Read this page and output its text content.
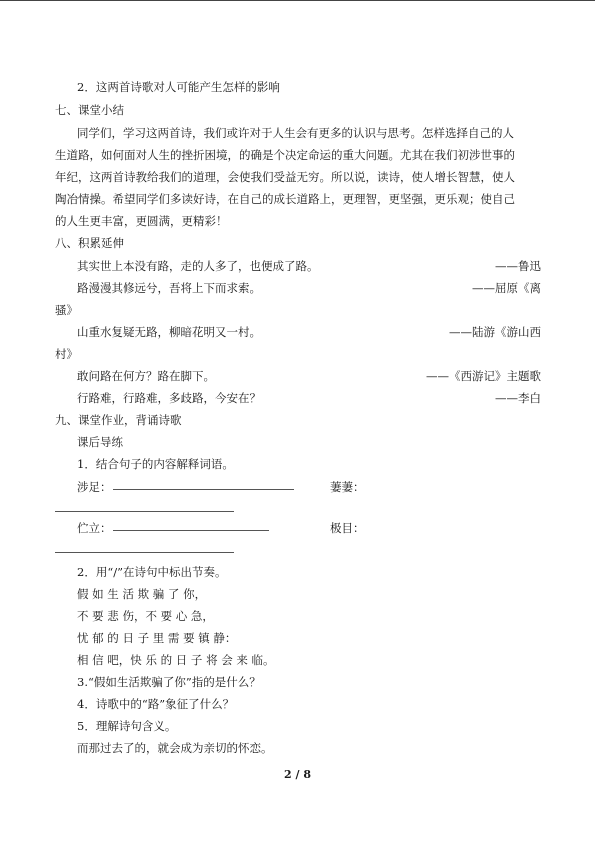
2．这两首诗歌对人可能产生怎样的影响
七、课堂小结
同学们，学习这两首诗，我们或许对于人生会有更多的认识与思考。怎样选择自己的人
生道路，如何面对人生的挫折困境，的确是个决定命运的重大问题。尤其在我们初涉世事的
年纪，这两首诗教给我们的道理，会使我们受益无穷。所以说，读诗，使人增长智慧，使人
陶冶情操。希望同学们多读好诗，在自己的成长道路上，更理智，更坚强，更乐观；使自己
的人生更丰富，更圆满，更精彩！
八、积累延伸
其实世上本没有路，走的人多了，也便成了路。	——鲁迅
路漫漫其修远兮，吾将上下而求索。	——屈原《离
骚》
山重水复疑无路，柳暗花明又一村。	——陆游《游山西
村》
敢问路在何方？路在脚下。	——《西游记》主题歌
行路难，行路难，多歧路，今安在？	——李白
九、课堂作业，背诵诗歌
课后导练
1．结合句子的内容解释词语。
涉足：	萋萋：
伫立：	极目：
2．用“/”在诗句中标出节奏。
假 如 生 活 欺 骗 了 你，
不 要 悲 伤，不 要 心 急，
忧 郁 的 日 子 里 需 要 镇 静：
相 信 吧，快 乐 的 日 子 将 会 来 临。
3.“假如生活欺骗了你”指的是什么？
4．诗歌中的“路”象征了什么？
5．理解诗句含义。
而那过去了的，就会成为亲切的怀恋。
2 / 8
